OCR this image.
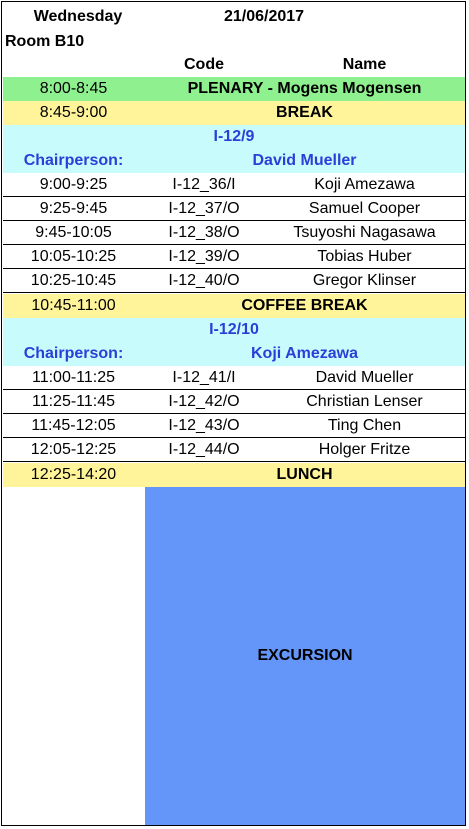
Wednesday	21/06/2017
Room B10
Code	Name
8:00-8:45	PLENARY - Mogens Mogensen
8:45-9:00	BREAK
I-12/9
Chairperson:	David Mueller
9:00-9:25	I-12_36/I	Koji Amezawa
9:25-9:45	I-12_37/O	Samuel Cooper
9:45-10:05	I-12_38/O	Tsuyoshi Nagasawa
10:05-10:25	I-12_39/O	Tobias Huber
10:25-10:45	I-12_40/O	Gregor Klinser
10:45-11:00	COFFEE BREAK
I-12/10
Chairperson:	Koji Amezawa
11:00-11:25	I-12_41/I	David Mueller
11:25-11:45	I-12_42/O	Christian Lenser
11:45-12:05	I-12_43/O	Ting Chen
12:05-12:25	I-12_44/O	Holger Fritze
12:25-14:20	LUNCH
EXCURSION
